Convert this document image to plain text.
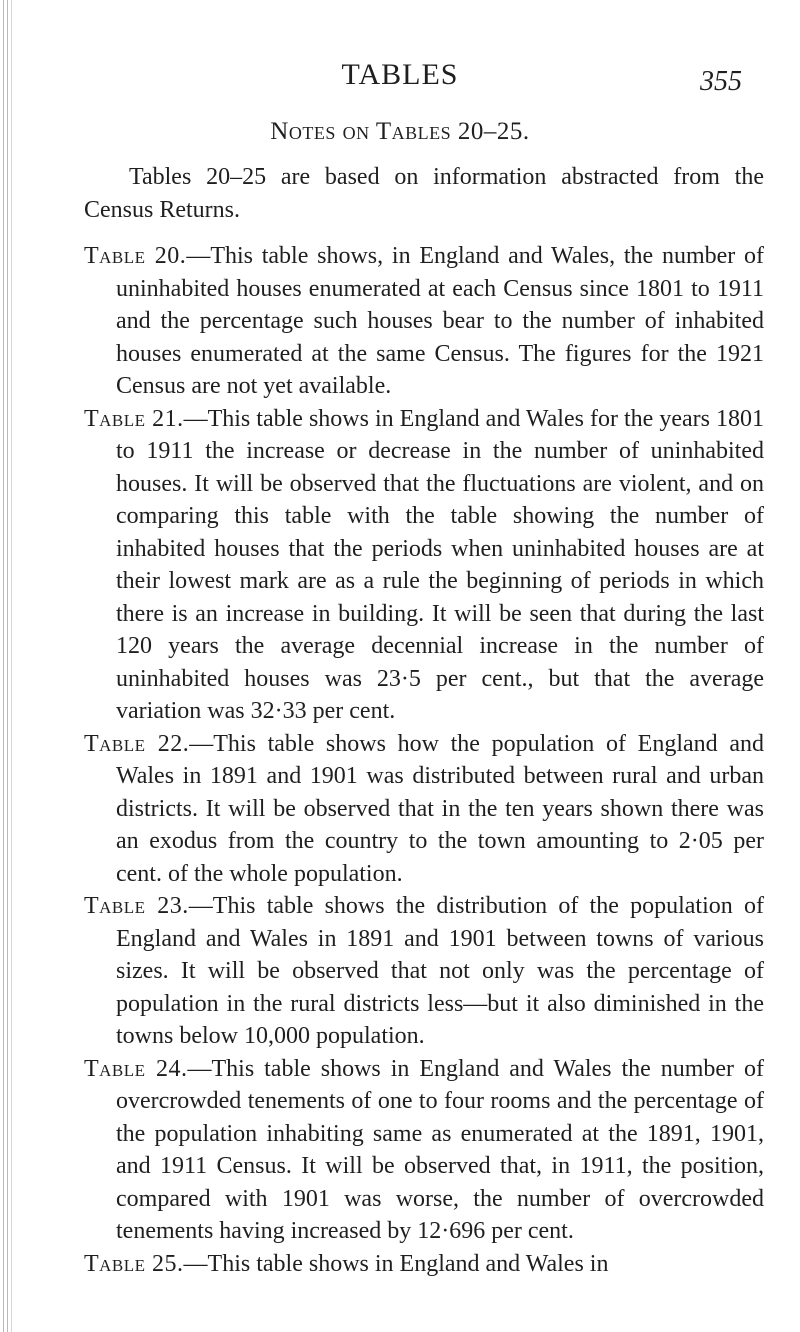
TABLES	355
Notes on Tables 20–25.

Tables 20–25 are based on information abstracted from the Census Returns.

Table 20.—This table shows, in England and Wales, the number of uninhabited houses enumerated at each Census since 1801 to 1911 and the percentage such houses bear to the number of inhabited houses enumerated at the same Census. The figures for the 1921 Census are not yet available.

Table 21.—This table shows in England and Wales for the years 1801 to 1911 the increase or decrease in the number of uninhabited houses. It will be observed that the fluctuations are violent, and on comparing this table with the table showing the number of inhabited houses that the periods when uninhabited houses are at their lowest mark are as a rule the beginning of periods in which there is an increase in building. It will be seen that during the last 120 years the average decennial increase in the number of uninhabited houses was 23·5 per cent., but that the average variation was 32·33 per cent.

Table 22.—This table shows how the population of England and Wales in 1891 and 1901 was distributed between rural and urban districts. It will be observed that in the ten years shown there was an exodus from the country to the town amounting to 2·05 per cent. of the whole population.

Table 23.—This table shows the distribution of the population of England and Wales in 1891 and 1901 between towns of various sizes. It will be observed that not only was the percentage of population in the rural districts less—but it also diminished in the towns below 10,000 population.

Table 24.—This table shows in England and Wales the number of overcrowded tenements of one to four rooms and the percentage of the population inhabiting same as enumerated at the 1891, 1901, and 1911 Census. It will be observed that, in 1911, the position, compared with 1901 was worse, the number of overcrowded tenements having increased by 12·696 per cent.

Table 25.—This table shows in England and Wales in
